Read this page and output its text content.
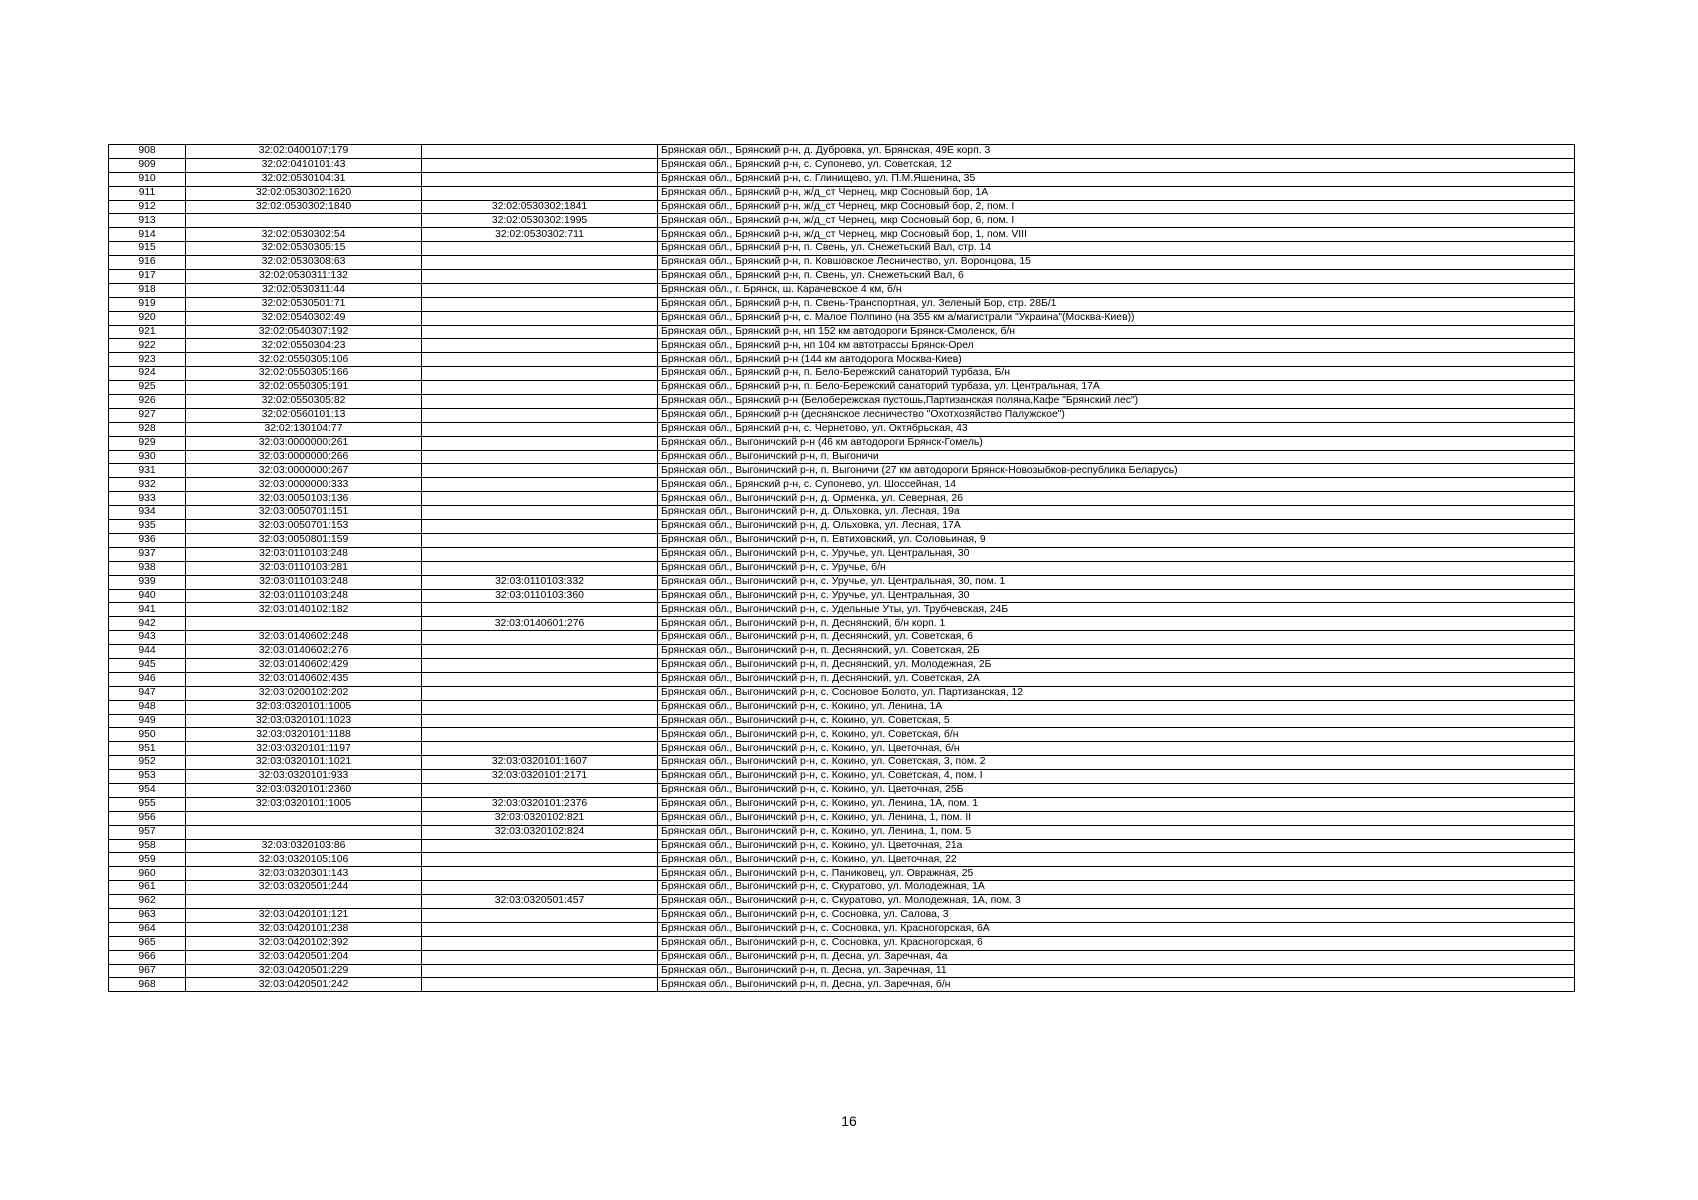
908	32:02:0400107:179		Брянская обл., Брянский р-н, д. Дубровка, ул. Брянская, 49Е корп. 3
909	32:02:0410101:43		Брянская обл., Брянский р-н, с. Супонево, ул. Советская, 12
910	32:02:0530104:31		Брянская обл., Брянский р-н, с. Глинищево, ул. П.М.Яшенина, 35
911	32:02:0530302:1620		Брянская обл., Брянский р-н, ж/д_ст Чернец, мкр Сосновый бор, 1А
912	32:02:0530302:1840	32:02:0530302:1841	Брянская обл., Брянский р-н, ж/д_ст Чернец, мкр Сосновый бор, 2, пом. I
913		32:02:0530302:1995	Брянская обл., Брянский р-н, ж/д_ст Чернец, мкр Сосновый бор, 6, пом. I
914	32:02:0530302:54	32:02:0530302:711	Брянская обл., Брянский р-н, ж/д_ст Чернец, мкр Сосновый бор, 1, пом. VIII
915	32:02:0530305:15		Брянская обл., Брянский р-н, п. Свень, ул. Снежетьский Вал, стр. 14
916	32:02:0530308:63		Брянская обл., Брянский р-н, п. Ковшовское Лесничество, ул. Воронцова, 15
917	32:02:0530311:132		Брянская обл., Брянский р-н, п. Свень, ул. Снежетьский Вал, 6
918	32:02:0530311:44		Брянская обл., г. Брянск, ш. Карачевское 4 км, б/н
919	32:02:0530501:71		Брянская обл., Брянский р-н, п. Свень-Транспортная, ул. Зеленый Бор, стр. 28Б/1
920	32:02:0540302:49		Брянская обл., Брянский р-н, с. Малое Полпино (на 355 км а/магистрали "Украина"(Москва-Киев))
921	32:02:0540307:192		Брянская обл., Брянский р-н, нп 152 км автодороги Брянск-Смоленск, б/н
922	32:02:0550304:23		Брянская обл., Брянский р-н, нп 104 км автотрассы Брянск-Орел
923	32:02:0550305:106		Брянская обл., Брянский р-н (144 км автодорога Москва-Киев)
924	32:02:0550305:166		Брянская обл., Брянский р-н, п. Бело-Бережский санаторий турбаза, Б/н
925	32:02:0550305:191		Брянская обл., Брянский р-н, п. Бело-Бережский санаторий турбаза, ул. Центральная, 17А
926	32:02:0550305:82		Брянская обл., Брянский р-н (Белобережская пустошь,Партизанская поляна,Кафе "Брянский лес")
927	32:02:0560101:13		Брянская обл., Брянский р-н (деснянское лесничество "Охотхозяйство Палужское")
928	32:02:130104:77		Брянская обл., Брянский р-н, с. Чернетово, ул. Октябрьская, 43
929	32:03:0000000:261		Брянская обл., Выгоничский р-н (46 км автодороги Брянск-Гомель)
930	32:03:0000000:266		Брянская обл., Выгоничский р-н, п. Выгоничи
931	32:03:0000000:267		Брянская обл., Выгоничский р-н, п. Выгоничи (27 км автодороги Брянск-Новозыбков-республика Беларусь)
932	32:03:0000000:333		Брянская обл., Брянский р-н, с. Супонево, ул. Шоссейная, 14
933	32:03:0050103:136		Брянская обл., Выгоничский р-н, д. Орменка, ул. Северная, 26
934	32:03:0050701:151		Брянская обл., Выгоничский р-н, д. Ольховка, ул. Лесная, 19а
935	32:03:0050701:153		Брянская обл., Выгоничский р-н, д. Ольховка, ул. Лесная, 17А
936	32:03:0050801:159		Брянская обл., Выгоничский р-н, п. Евтиховский, ул. Соловьиная, 9
937	32:03:0110103:248		Брянская обл., Выгоничский р-н, с. Уручье, ул. Центральная, 30
938	32:03:0110103:281		Брянская обл., Выгоничский р-н, с. Уручье, б/н
939	32:03:0110103:248	32:03:0110103:332	Брянская обл., Выгоничский р-н, с. Уручье, ул. Центральная, 30, пом. 1
940	32:03:0110103:248	32:03:0110103:360	Брянская обл., Выгоничский р-н, с. Уручье, ул. Центральная, 30
941	32:03:0140102:182		Брянская обл., Выгоничский р-н, с. Удельные Уты, ул. Трубчевская, 24Б
942		32:03:0140601:276	Брянская обл., Выгоничский р-н, п. Деснянский, б/н корп. 1
943	32:03:0140602:248		Брянская обл., Выгоничский р-н, п. Деснянский, ул. Советская, 6
944	32:03:0140602:276		Брянская обл., Выгоничский р-н, п. Деснянский, ул. Советская, 2Б
945	32:03:0140602:429		Брянская обл., Выгоничский р-н, п. Деснянский, ул. Молодежная, 2Б
946	32:03:0140602:435		Брянская обл., Выгоничский р-н, п. Деснянский, ул. Советская, 2А
947	32:03:0200102:202		Брянская обл., Выгоничский р-н, с. Сосновое Болото, ул. Партизанская, 12
948	32:03:0320101:1005		Брянская обл., Выгоничский р-н, с. Кокино, ул. Ленина, 1А
949	32:03:0320101:1023		Брянская обл., Выгоничский р-н, с. Кокино, ул. Советская, 5
950	32:03:0320101:1188		Брянская обл., Выгоничский р-н, с. Кокино, ул. Советская, б/н
951	32:03:0320101:1197		Брянская обл., Выгоничский р-н, с. Кокино, ул. Цветочная, б/н
952	32:03:0320101:1021	32:03:0320101:1607	Брянская обл., Выгоничский р-н, с. Кокино, ул. Советская, 3, пом. 2
953	32:03:0320101:933	32:03:0320101:2171	Брянская обл., Выгоничский р-н, с. Кокино, ул. Советская, 4, пом. I
954	32:03:0320101:2360		Брянская обл., Выгоничский р-н, с. Кокино, ул. Цветочная, 25Б
955	32:03:0320101:1005	32:03:0320101:2376	Брянская обл., Выгоничский р-н, с. Кокино, ул. Ленина, 1А, пом. 1
956		32:03:0320102:821	Брянская обл., Выгоничский р-н, с. Кокино, ул. Ленина, 1, пом. II
957		32:03:0320102:824	Брянская обл., Выгоничский р-н, с. Кокино, ул. Ленина, 1, пом. 5
958	32:03:0320103:86		Брянская обл., Выгоничский р-н, с. Кокино, ул. Цветочная, 21а
959	32:03:0320105:106		Брянская обл., Выгоничский р-н, с. Кокино, ул. Цветочная, 22
960	32:03:0320301:143		Брянская обл., Выгоничский р-н, с. Паниковец, ул. Овражная, 25
961	32:03:0320501:244		Брянская обл., Выгоничский р-н, с. Скуратово, ул. Молодежная, 1А
962		32:03:0320501:457	Брянская обл., Выгоничский р-н, с. Скуратово, ул. Молодежная, 1А, пом. 3
963	32:03:0420101:121		Брянская обл., Выгоничский р-н, с. Сосновка, ул. Салова, 3
964	32:03:0420101:238		Брянская обл., Выгоничский р-н, с. Сосновка, ул. Красногорская, 6А
965	32:03:0420102:392		Брянская обл., Выгоничский р-н, с. Сосновка, ул. Красногорская, 6
966	32:03:0420501:204		Брянская обл., Выгоничский р-н, п. Десна, ул. Заречная, 4а
967	32:03:0420501:229		Брянская обл., Выгоничский р-н, п. Десна, ул. Заречная, 11
968	32:03:0420501:242		Брянская обл., Выгоничский р-н, п. Десна, ул. Заречная, б/н
16
